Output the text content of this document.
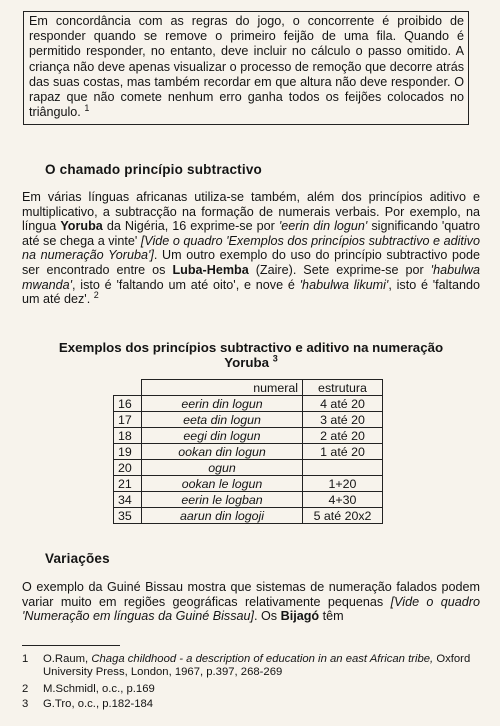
Em concordância com as regras do jogo, o concorrente é proibido de responder quando se remove o primeiro feijão de uma fila. Quando é permitido responder, no entanto, deve incluir no cálculo o passo omitido. A criança não deve apenas visualizar o processo de remoção que decorre atrás das suas costas, mas também recordar em que altura não deve responder. O rapaz que não comete nenhum erro ganha todos os feijões colocados no triângulo. $^1$
O chamado princípio subtractivo
Em várias línguas africanas utiliza-se também, além dos princípios aditivo e multiplicativo, a subtracção na formação de numerais verbais. Por exemplo, na língua Yoruba da Nigéria, 16 exprime-se por 'eerin din logun' significando 'quatro até se chega a vinte' [Vide o quadro 'Exemplos dos princípios subtractivo e aditivo na numeração Yoruba']. Um outro exemplo do uso do princípio subtractivo pode ser encontrado entre os Luba-Hemba (Zaire). Sete exprime-se por 'habulwa mwanda', isto é 'faltando um até oito', e nove é 'habulwa likumi', isto é 'faltando um até dez'. $^2$
Exemplos dos princípios subtractivo e aditivo na numeração
Yoruba $^3$
	numeral	estrutura
16	eerin din logun	4 até 20
17	eeta din logun	3 até 20
18	eegi din logun	2 até 20
19	ookan din logun	1 até 20
20	ogun	
21	ookan le logun	1+20
34	eerin le logban	4+30
35	aarun din logoji	5 até 20x2
Variações
O exemplo da Guiné Bissau mostra que sistemas de numeração falados podem variar muito em regiões geográficas relativamente pequenas [Vide o quadro 'Numeração em línguas da Guiné Bissau]. Os Bijagó têm
1 O.Raum, Chaga childhood - a description of education in an east African tribe, Oxford University Press, London, 1967, p.397, 268-269
2 M.Schmidl, o.c., p.169
3 G.Tro, o.c., p.182-184
